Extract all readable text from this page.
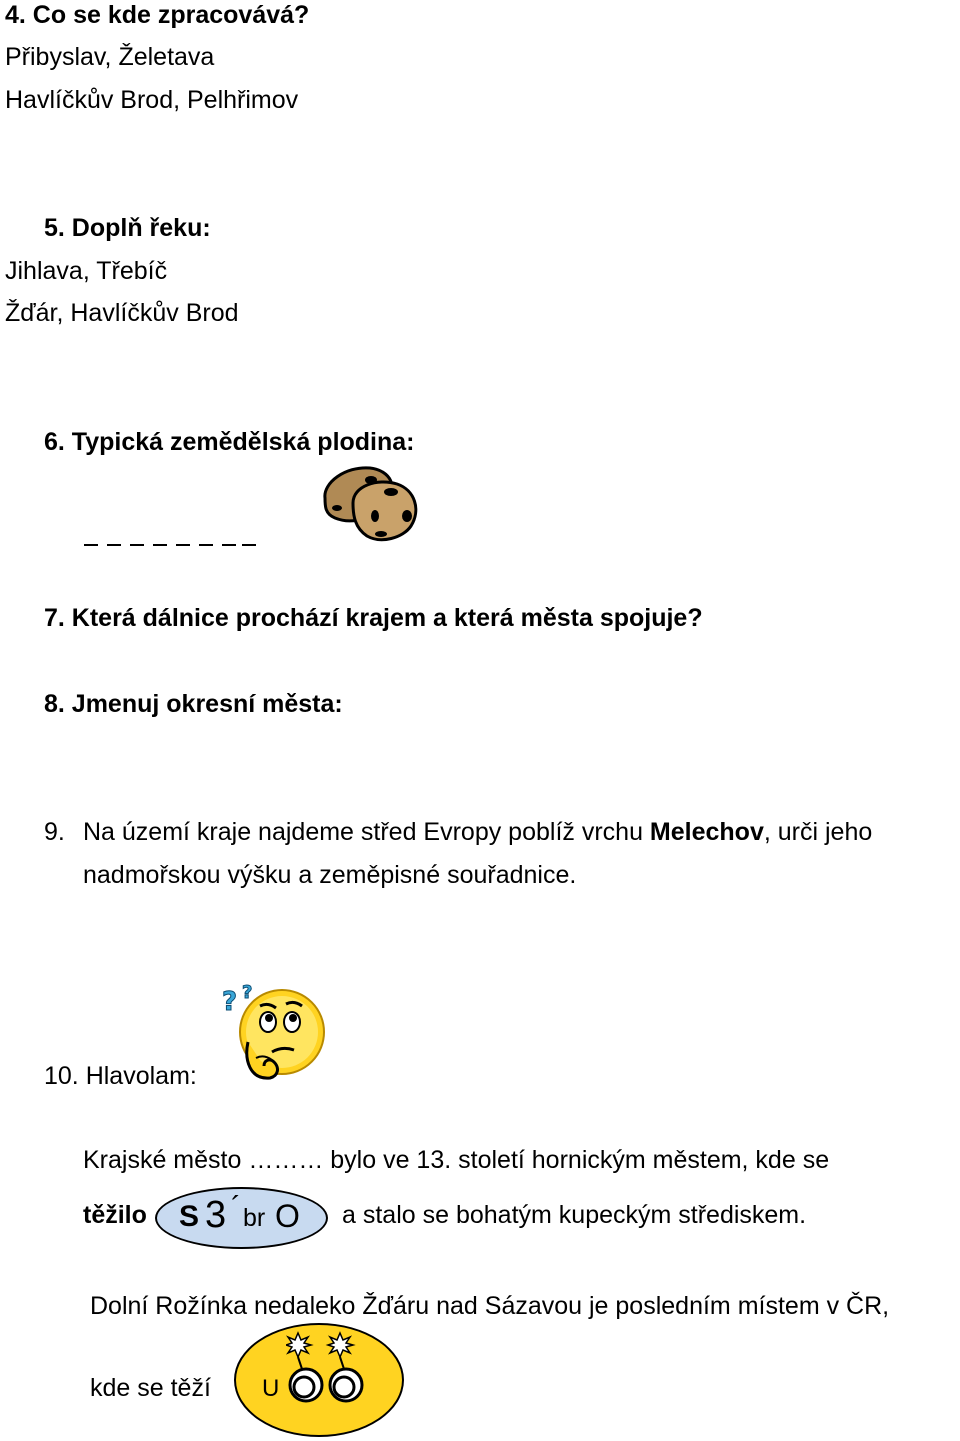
4. Co se kde zpracovává?
Přibyslav, Želetava
Havlíčkův Brod, Pelhřimov
5. Doplň řeku:
Jihlava, Třebíč
Žďár, Havlíčkův Brod
6. Typická zemědělská plodina:
7. Která dálnice prochází krajem a která města spojuje?
8. Jmenuj okresní města:
9. Na území kraje najdeme střed Evropy poblíž vrchu Melechov, urči jeho
nadmořskou výšku a zeměpisné souřadnice.
10. Hlavolam:
? ?
Krajské město ……… bylo ve 13. století hornickým městem, kde se
těžilo S 3 ´ br O a stalo se bohatým kupeckým střediskem.
Dolní Rožínka nedaleko Žďáru nad Sázavou je posledním místem v ČR,
kde se těží U
